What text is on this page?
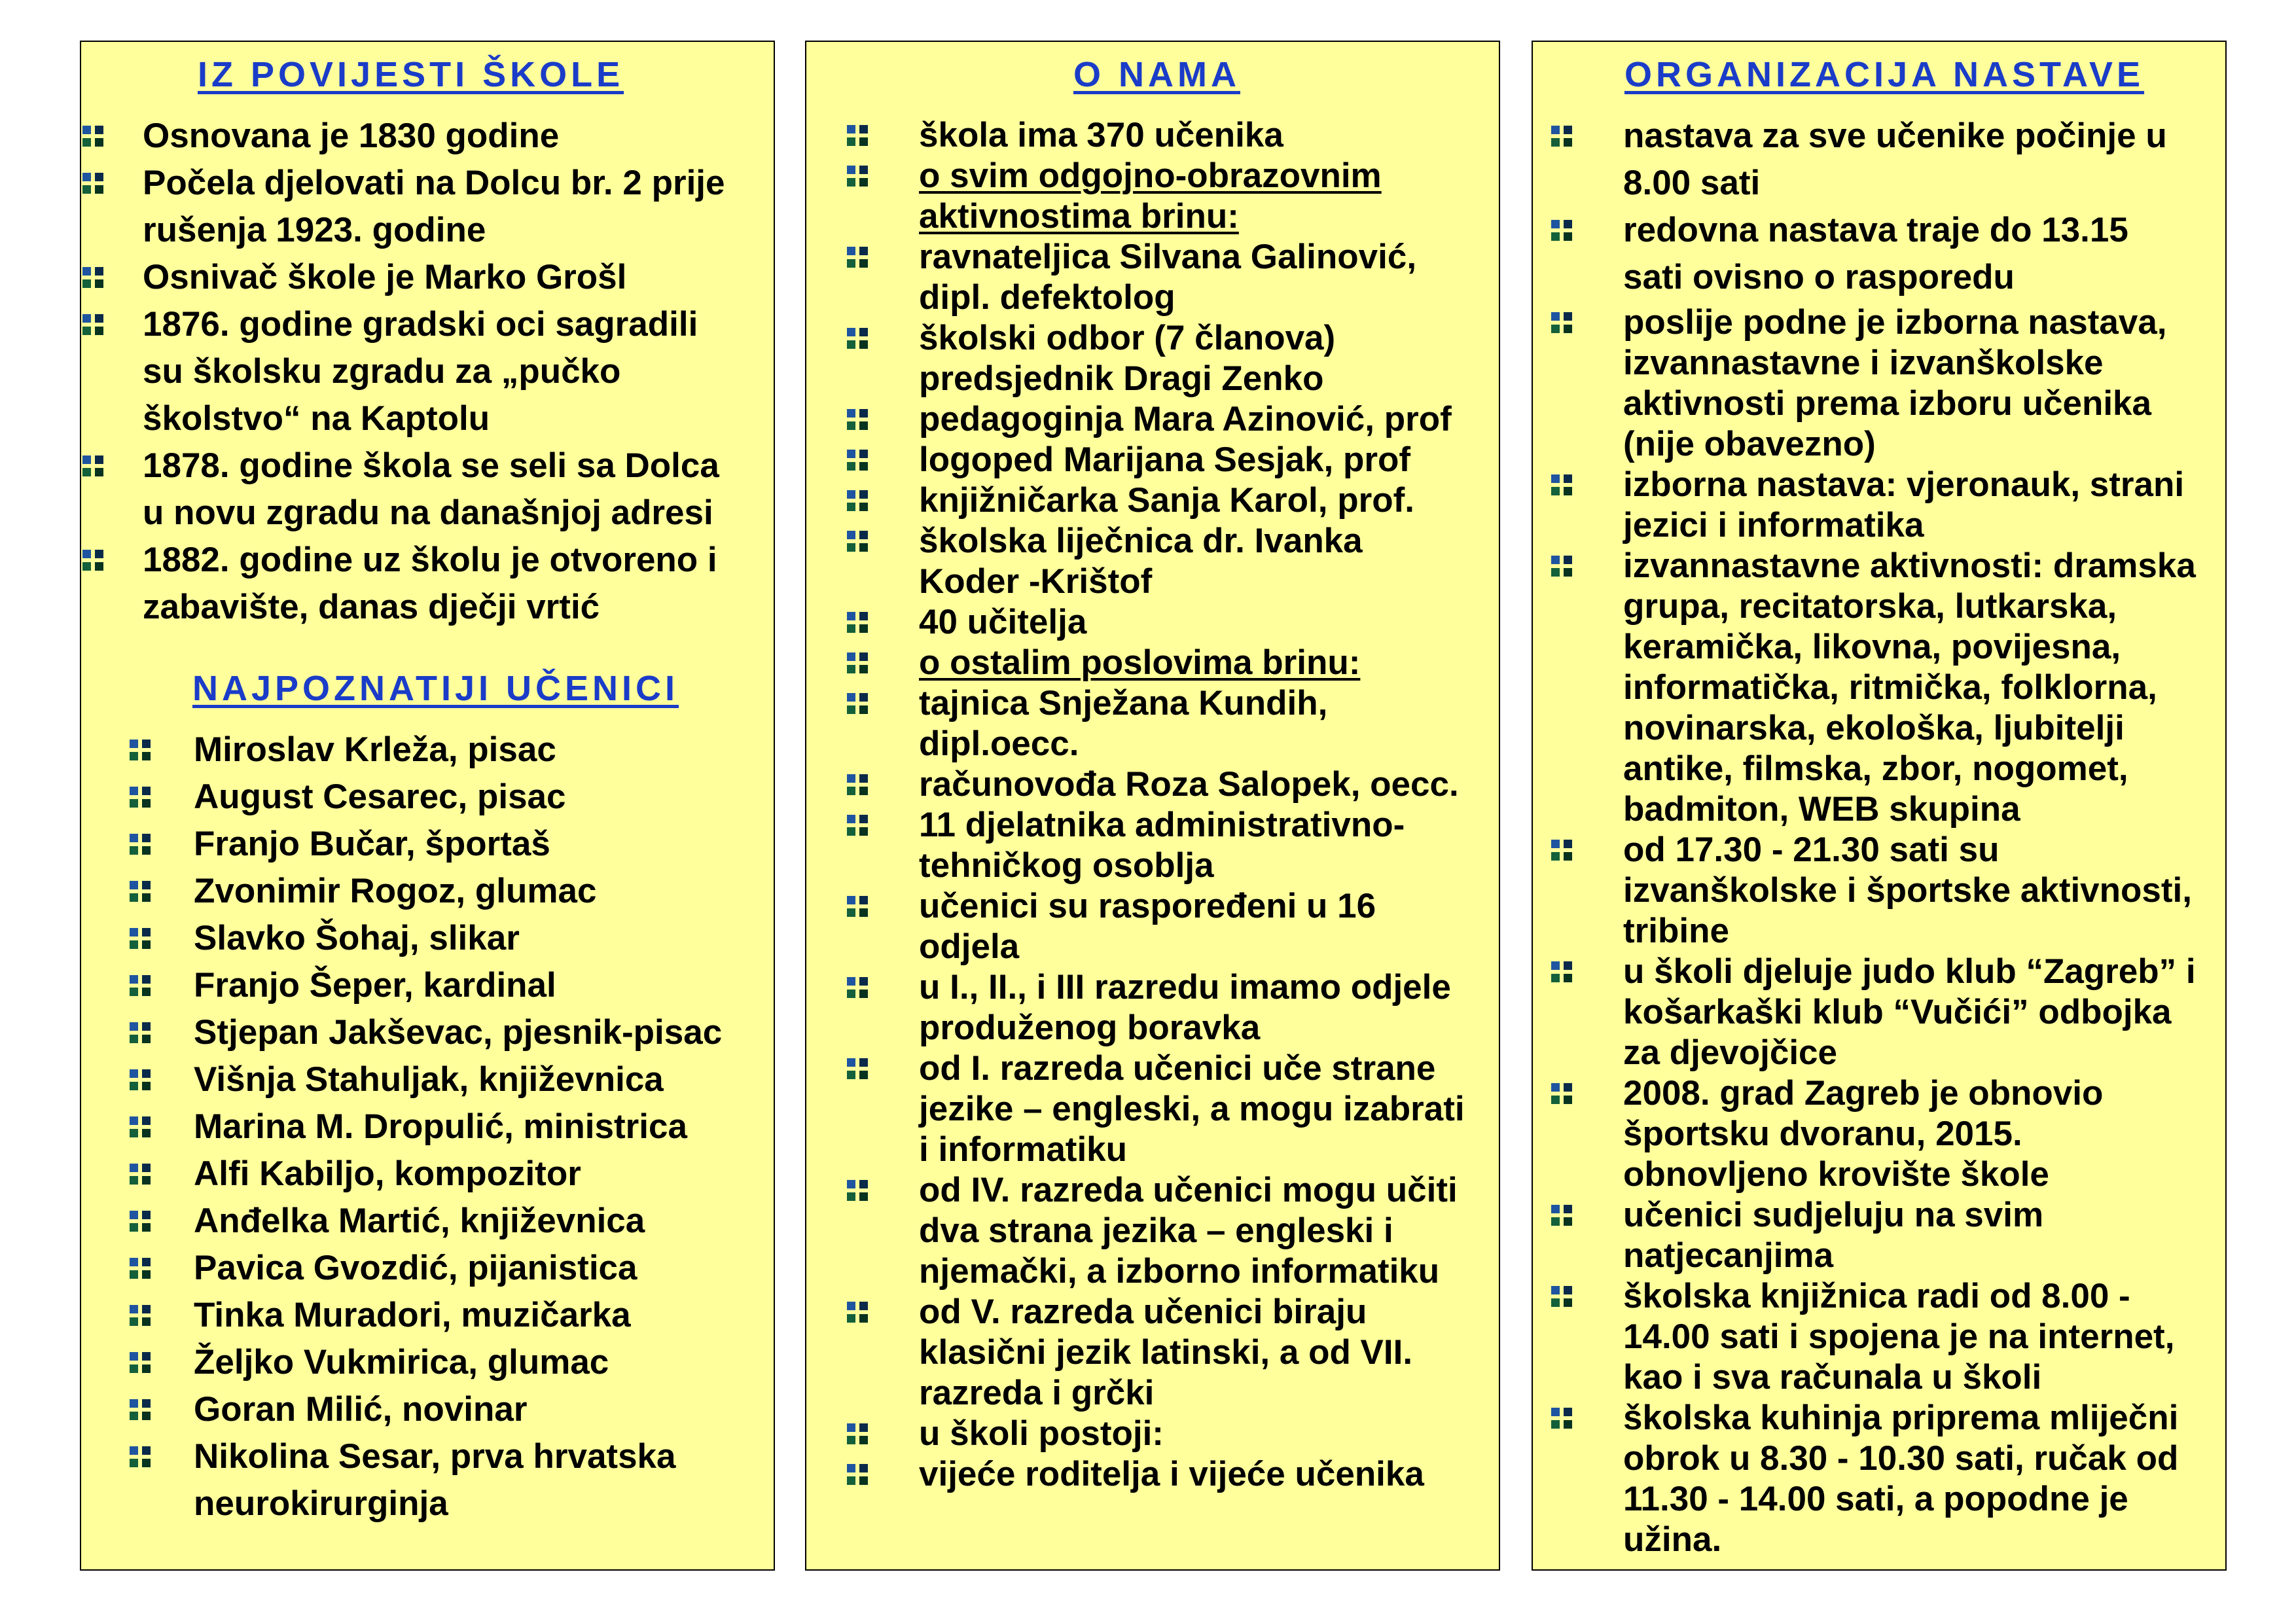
IZ POVIJESTI ŠKOLE
Osnovana je 1830 godine
Počela djelovati na Dolcu br. 2 prije
rušenja 1923. godine
Osnivač škole je Marko Grošl
1876. godine gradski oci sagradili
su školsku zgradu za „pučko
školstvo“ na Kaptolu
1878. godine škola se seli sa Dolca
u novu zgradu na današnjoj adresi
1882. godine uz školu je otvoreno i
zabavište, danas dječji vrtić
NAJPOZNATIJI UČENICI
Miroslav Krleža, pisac
August Cesarec, pisac
Franjo Bučar, športaš
Zvonimir Rogoz, glumac
Slavko Šohaj, slikar
Franjo Šeper, kardinal
Stjepan Jakševac, pjesnik-pisac
Višnja Stahuljak, književnica
Marina M. Dropulić, ministrica
Alfi Kabiljo, kompozitor
Anđelka Martić, književnica
Pavica Gvozdić, pijanistica
Tinka Muradori, muzičarka
Željko Vukmirica, glumac
Goran Milić, novinar
Nikolina Sesar, prva hrvatska
neurokirurginja
O NAMA
škola ima 370 učenika
o svim odgojno-obrazovnim
aktivnostima brinu:
ravnateljica Silvana Galinović,
dipl. defektolog
školski odbor (7 članova)
predsjednik Dragi Zenko
pedagoginja Mara Azinović, prof
logoped Marijana Sesjak, prof
knjižničarka Sanja Karol, prof.
školska liječnica dr. Ivanka
Koder -Krištof
40 učitelja
o ostalim poslovima brinu:
tajnica Snježana Kundih,
dipl.oecc.
računovođa Roza Salopek, oecc.
11 djelatnika administrativno-
tehničkog osoblja
učenici su raspoređeni u 16
odjela
u I., II., i III razredu imamo odjele
produženog boravka
od I. razreda učenici uče strane
jezike – engleski, a mogu izabrati
i informatiku
od IV. razreda učenici mogu učiti
dva strana jezika – engleski i
njemački, a izborno informatiku
od V. razreda učenici biraju
klasični jezik latinski, a od VII.
razreda i grčki
u školi postoji:
vijeće roditelja i vijeće učenika
ORGANIZACIJA NASTAVE
nastava za sve učenike počinje u
8.00 sati
redovna nastava traje do 13.15
sati ovisno o rasporedu
poslije podne je izborna nastava,
izvannastavne i izvanškolske
aktivnosti prema izboru učenika
(nije obavezno)
izborna nastava: vjeronauk, strani
jezici i informatika
izvannastavne aktivnosti: dramska
grupa, recitatorska, lutkarska,
keramička, likovna, povijesna,
informatička, ritmička, folklorna,
novinarska, ekološka, ljubitelji
antike, filmska, zbor, nogomet,
badmiton, WEB skupina
od 17.30 - 21.30 sati su
izvanškolske i športske aktivnosti,
tribine
u školi djeluje judo klub “Zagreb” i
košarkaški klub “Vučići” odbojka
za djevojčice
2008. grad Zagreb je obnovio
športsku dvoranu, 2015.
obnovljeno krovište škole
učenici sudjeluju na svim
natjecanjima
školska knjižnica radi od 8.00 -
14.00 sati i spojena je na internet,
kao i sva računala u školi
školska kuhinja priprema mliječni
obrok u 8.30 - 10.30 sati, ručak od
11.30 - 14.00 sati, a popodne je
užina.
